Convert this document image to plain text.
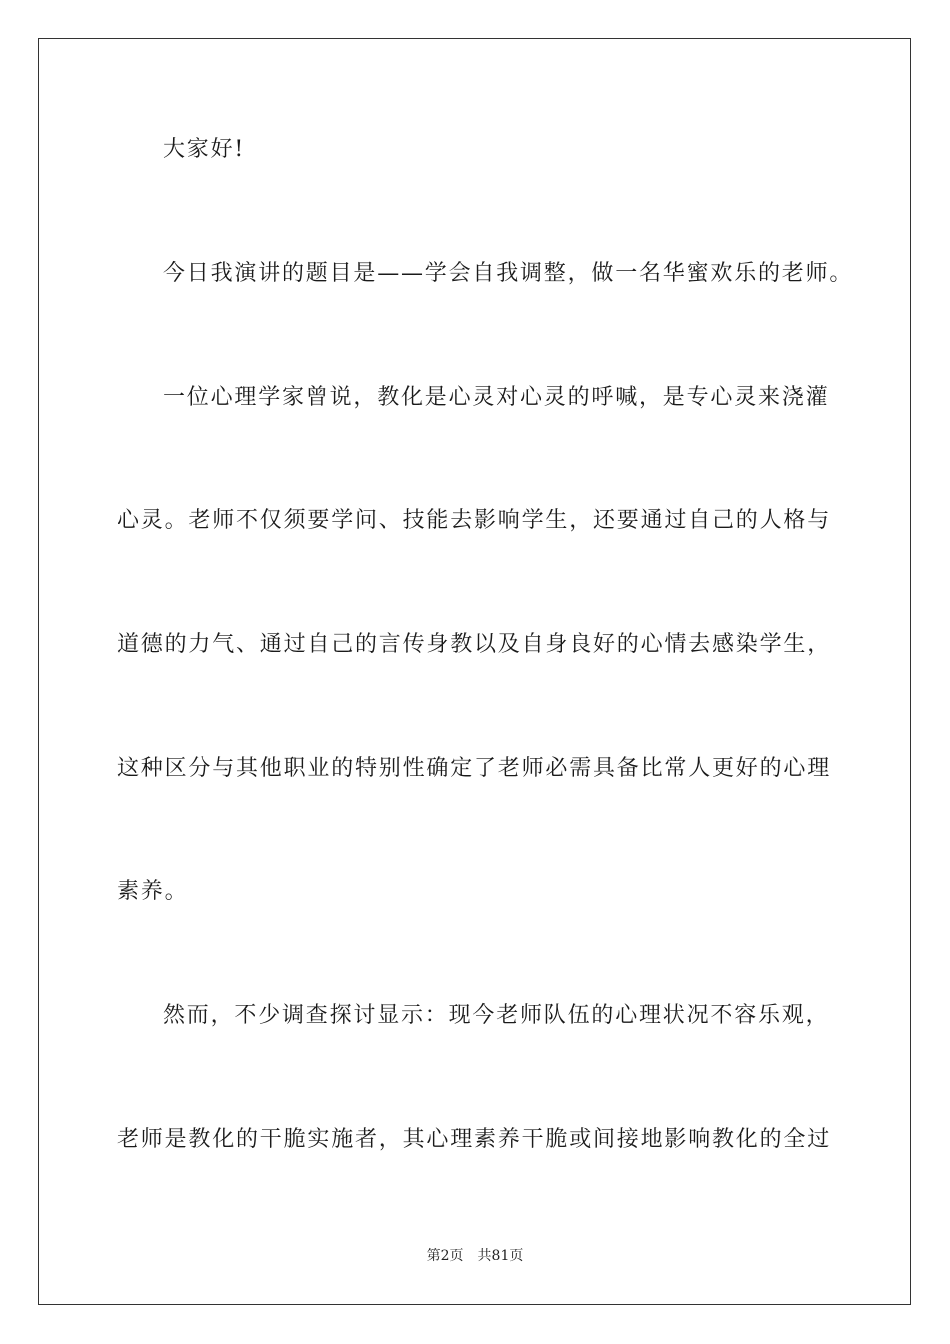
大家好!

今日我演讲的题目是——学会自我调整，做一名华蜜欢乐的老师。

一位心理学家曾说，教化是心灵对心灵的呼喊，是专心灵来浇灌

心灵。老师不仅须要学问、技能去影响学生，还要通过自己的人格与

道德的力气、通过自己的言传身教以及自身良好的心情去感染学生，

这种区分与其他职业的特别性确定了老师必需具备比常人更好的心理

素养。

然而，不少调查探讨显示：现今老师队伍的心理状况不容乐观，

老师是教化的干脆实施者，其心理素养干脆或间接地影响教化的全过

第2页 共81页
